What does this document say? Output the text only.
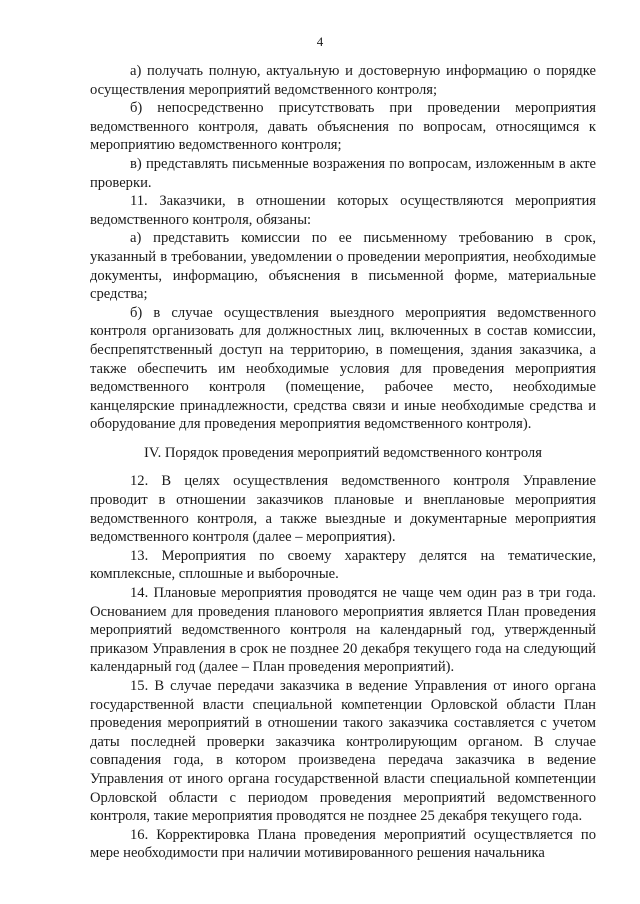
4

а) получать полную, актуальную и достоверную информацию о порядке осуществления мероприятий ведомственного контроля;

б) непосредственно присутствовать при проведении мероприятия ведомственного контроля, давать объяснения по вопросам, относящимся к мероприятию ведомственного контроля;

в) представлять письменные возражения по вопросам, изложенным в акте проверки.

11. Заказчики, в отношении которых осуществляются мероприятия ведомственного контроля, обязаны:

а) представить комиссии по ее письменному требованию в срок, указанный в требовании, уведомлении о проведении мероприятия, необходимые документы, информацию, объяснения в письменной форме, материальные средства;

б) в случае осуществления выездного мероприятия ведомственного контроля организовать для должностных лиц, включенных в состав комиссии, беспрепятственный доступ на территорию, в помещения, здания заказчика, а также обеспечить им необходимые условия для проведения мероприятия ведомственного контроля (помещение, рабочее место, необходимые канцелярские принадлежности, средства связи и иные необходимые средства и оборудование для проведения мероприятия ведомственного контроля).

IV. Порядок проведения мероприятий ведомственного контроля

12. В целях осуществления ведомственного контроля Управление проводит в отношении заказчиков плановые и внеплановые мероприятия ведомственного контроля, а также выездные и документарные мероприятия ведомственного контроля (далее – мероприятия).

13. Мероприятия по своему характеру делятся на тематические, комплексные, сплошные и выборочные.

14. Плановые мероприятия проводятся не чаще чем один раз в три года. Основанием для проведения планового мероприятия является План проведения мероприятий ведомственного контроля на календарный год, утвержденный приказом Управления в срок не позднее 20 декабря текущего года на следующий календарный год (далее – План проведения мероприятий).

15. В случае передачи заказчика в ведение Управления от иного органа государственной власти специальной компетенции Орловской области План проведения мероприятий в отношении такого заказчика составляется с учетом даты последней проверки заказчика контролирующим органом. В случае совпадения года, в котором произведена передача заказчика в ведение Управления от иного органа государственной власти специальной компетенции Орловской области с периодом проведения мероприятий ведомственного контроля, такие мероприятия проводятся не позднее 25 декабря текущего года.

16. Корректировка Плана проведения мероприятий осуществляется по мере необходимости при наличии мотивированного решения начальника
